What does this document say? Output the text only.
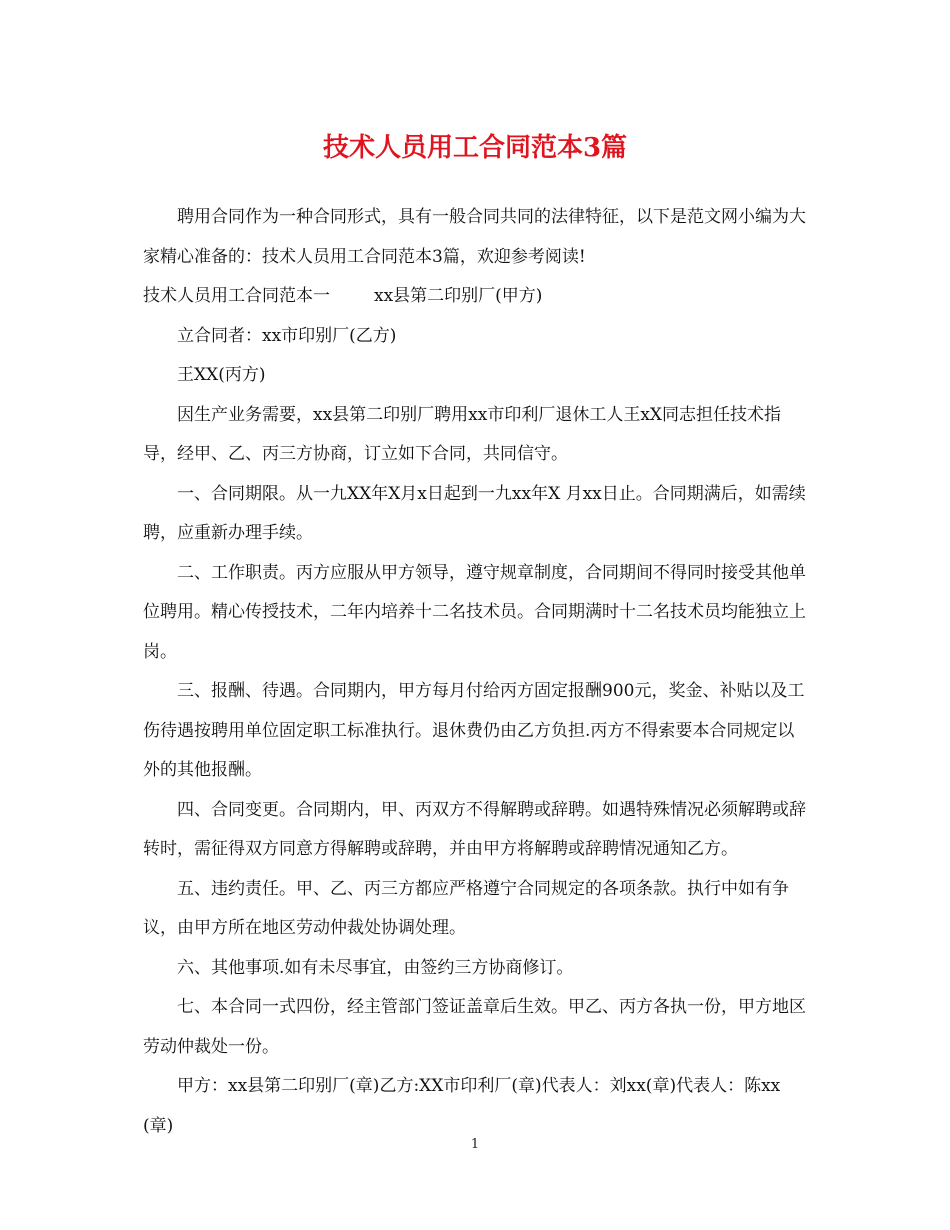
技术人员用工合同范本3篇

聘用合同作为一种合同形式，具有一般合同共同的法律特征，以下是范文网小编为大家精心准备的：技术人员用工合同范本3篇，欢迎参考阅读!

技术人员用工合同范本一	xx县第二印别厂(甲方)

立合同者：xx市印别厂(乙方)

王XX(丙方)

因生产业务需要，xx县第二印别厂聘用xx市印利厂退休工人王xX同志担任技术指导，经甲、乙、丙三方协商，订立如下合同，共同信守。

一、合同期限。从一九XX年X月x日起到一九xx年X 月xx日止。合同期满后，如需续聘，应重新办理手续。

二、工作职责。丙方应服从甲方领导，遵守规章制度，合同期间不得同时接受其他单位聘用。精心传授技术，二年内培养十二名技术员。合同期满时十二名技术员均能独立上岗。

三、报酬、待遇。合同期内，甲方每月付给丙方固定报酬900元，奖金、补贴以及工伤待遇按聘用单位固定职工标准执行。退休费仍由乙方负担.丙方不得索要本合同规定以外的其他报酬。

四、合同变更。合同期内，甲、丙双方不得解聘或辞聘。如遇特殊情况必须解聘或辞转时，需征得双方同意方得解聘或辞聘，并由甲方将解聘或辞聘情况通知乙方。

五、违约责任。甲、乙、丙三方都应严格遵宁合同规定的各项条款。执行中如有争议，由甲方所在地区劳动仲裁处协调处理。

六、其他事项.如有未尽事宜，由签约三方协商修订。

七、本合同一式四份，经主管部门签证盖章后生效。甲乙、丙方各执一份，甲方地区劳动仲裁处一份。

甲方：xx县第二印别厂(章)乙方:XX市印利厂(章)代表人：刘xx(章)代表人：陈xx(章)

1
